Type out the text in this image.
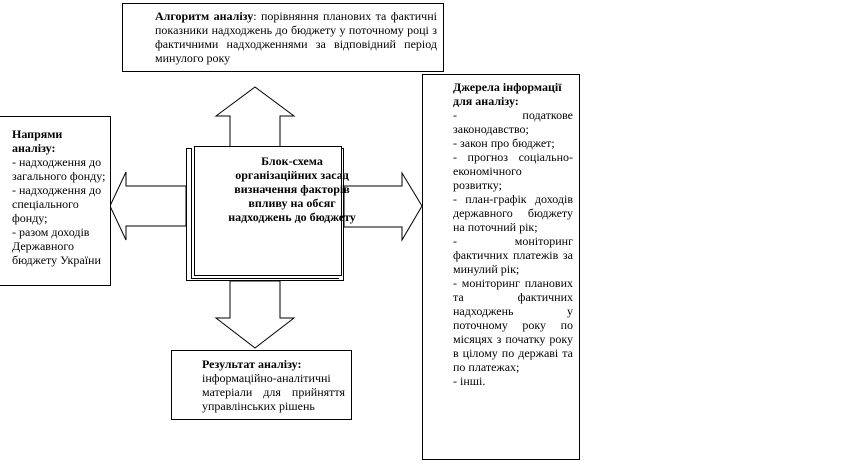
Алгоритм аналізу: порівняння планових та фактичні показники надходжень до бюджету у поточному році з фактичними надходженнями за відповідний період минулого року
Джерела інформації для аналізу:
- податкове законодавство;
- закон про бюджет;
- прогноз соціально-економічного розвитку;
- план-графік доходів державного бюджету на поточний рік;
- моніторинг фактичних платежів за минулий рік;
- моніторинг планових та фактичних надходжень у поточному року по місяцях з початку року в цілому по державі та по платежах;
- інші.
Напрями аналізу:
- надходження до загального фонду;
- надходження до спеціального фонду;
- разом доходів Державного бюджету України
Блок-схема організаційних засад визначення факторів впливу на обсяг надходжень до бюджету
Результат аналізу:
інформаційно-аналітичні матеріали для прийняття управлінських рішень
